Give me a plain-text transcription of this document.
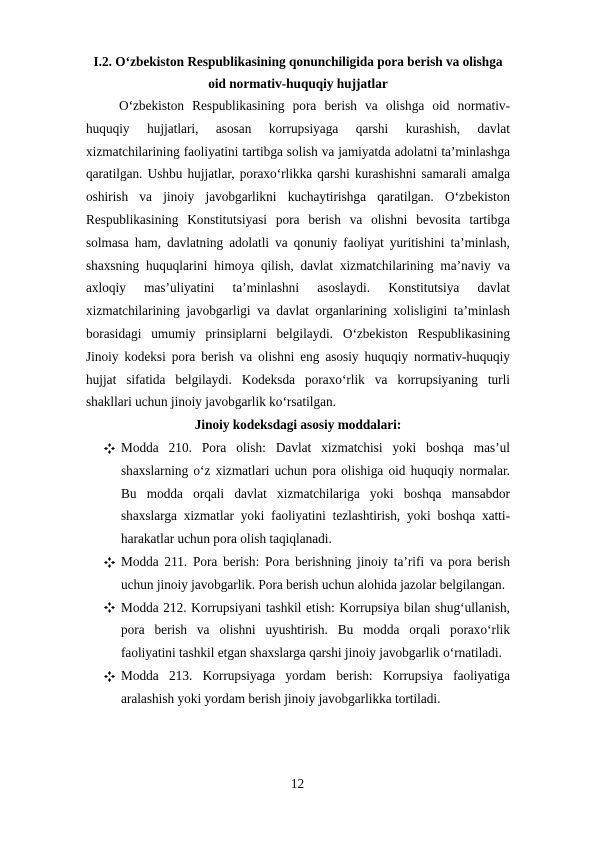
I.2. O‘zbekiston Respublikasining qonunchiligida pora berish va olishga oid normativ-huquqiy hujjatlar

O‘zbekiston Respublikasining pora berish va olishga oid normativ-huquqiy hujjatlari, asosan korrupsiyaga qarshi kurashish, davlat xizmatchilarining faoliyatini tartibga solish va jamiyatda adolatni ta’minlashga qaratilgan. Ushbu hujjatlar, poraxo‘rlikka qarshi kurashishni samarali amalga oshirish va jinoiy javobgarlikni kuchaytirishga qaratilgan. O‘zbekiston Respublikasining Konstitutsiyasi pora berish va olishni bevosita tartibga solmasa ham, davlatning adolatli va qonuniy faoliyat yuritishini ta’minlash, shaxsning huquqlarini himoya qilish, davlat xizmatchilarining ma’naviy va axloqiy mas’uliyatini ta’minlashni asoslaydi. Konstitutsiya davlat xizmatchilarining javobgarligi va davlat organlarining xolisligini ta’minlash borasidagi umumiy prinsiplarni belgilaydi. O‘zbekiston Respublikasining Jinoiy kodeksi pora berish va olishni eng asosiy huquqiy normativ-huquqiy hujjat sifatida belgilaydi. Kodeksda poraxo‘rlik va korrupsiyaning turli shakllari uchun jinoiy javobgarlik ko‘rsatilgan.

Jinoiy kodeksdagi asosiy moddalari:

Modda 210. Pora olish: Davlat xizmatchisi yoki boshqa mas’ul shaxslarning o‘z xizmatlari uchun pora olishiga oid huquqiy normalar. Bu modda orqali davlat xizmatchilariga yoki boshqa mansabdor shaxslarga xizmatlar yoki faoliyatini tezlashtirish, yoki boshqa xatti-harakatlar uchun pora olish taqiqlanadi.
Modda 211. Pora berish: Pora berishning jinoiy ta’rifi va pora berish uchun jinoiy javobgarlik. Pora berish uchun alohida jazolar belgilangan.
Modda 212. Korrupsiyani tashkil etish: Korrupsiya bilan shug‘ullanish, pora berish va olishni uyushtirish. Bu modda orqali poraxo‘rlik faoliyatini tashkil etgan shaxslarga qarshi jinoiy javobgarlik o‘rnatiladi.
Modda 213. Korrupsiyaga yordam berish: Korrupsiya faoliyatiga aralashish yoki yordam berish jinoiy javobgarlikka tortiladi.
12
